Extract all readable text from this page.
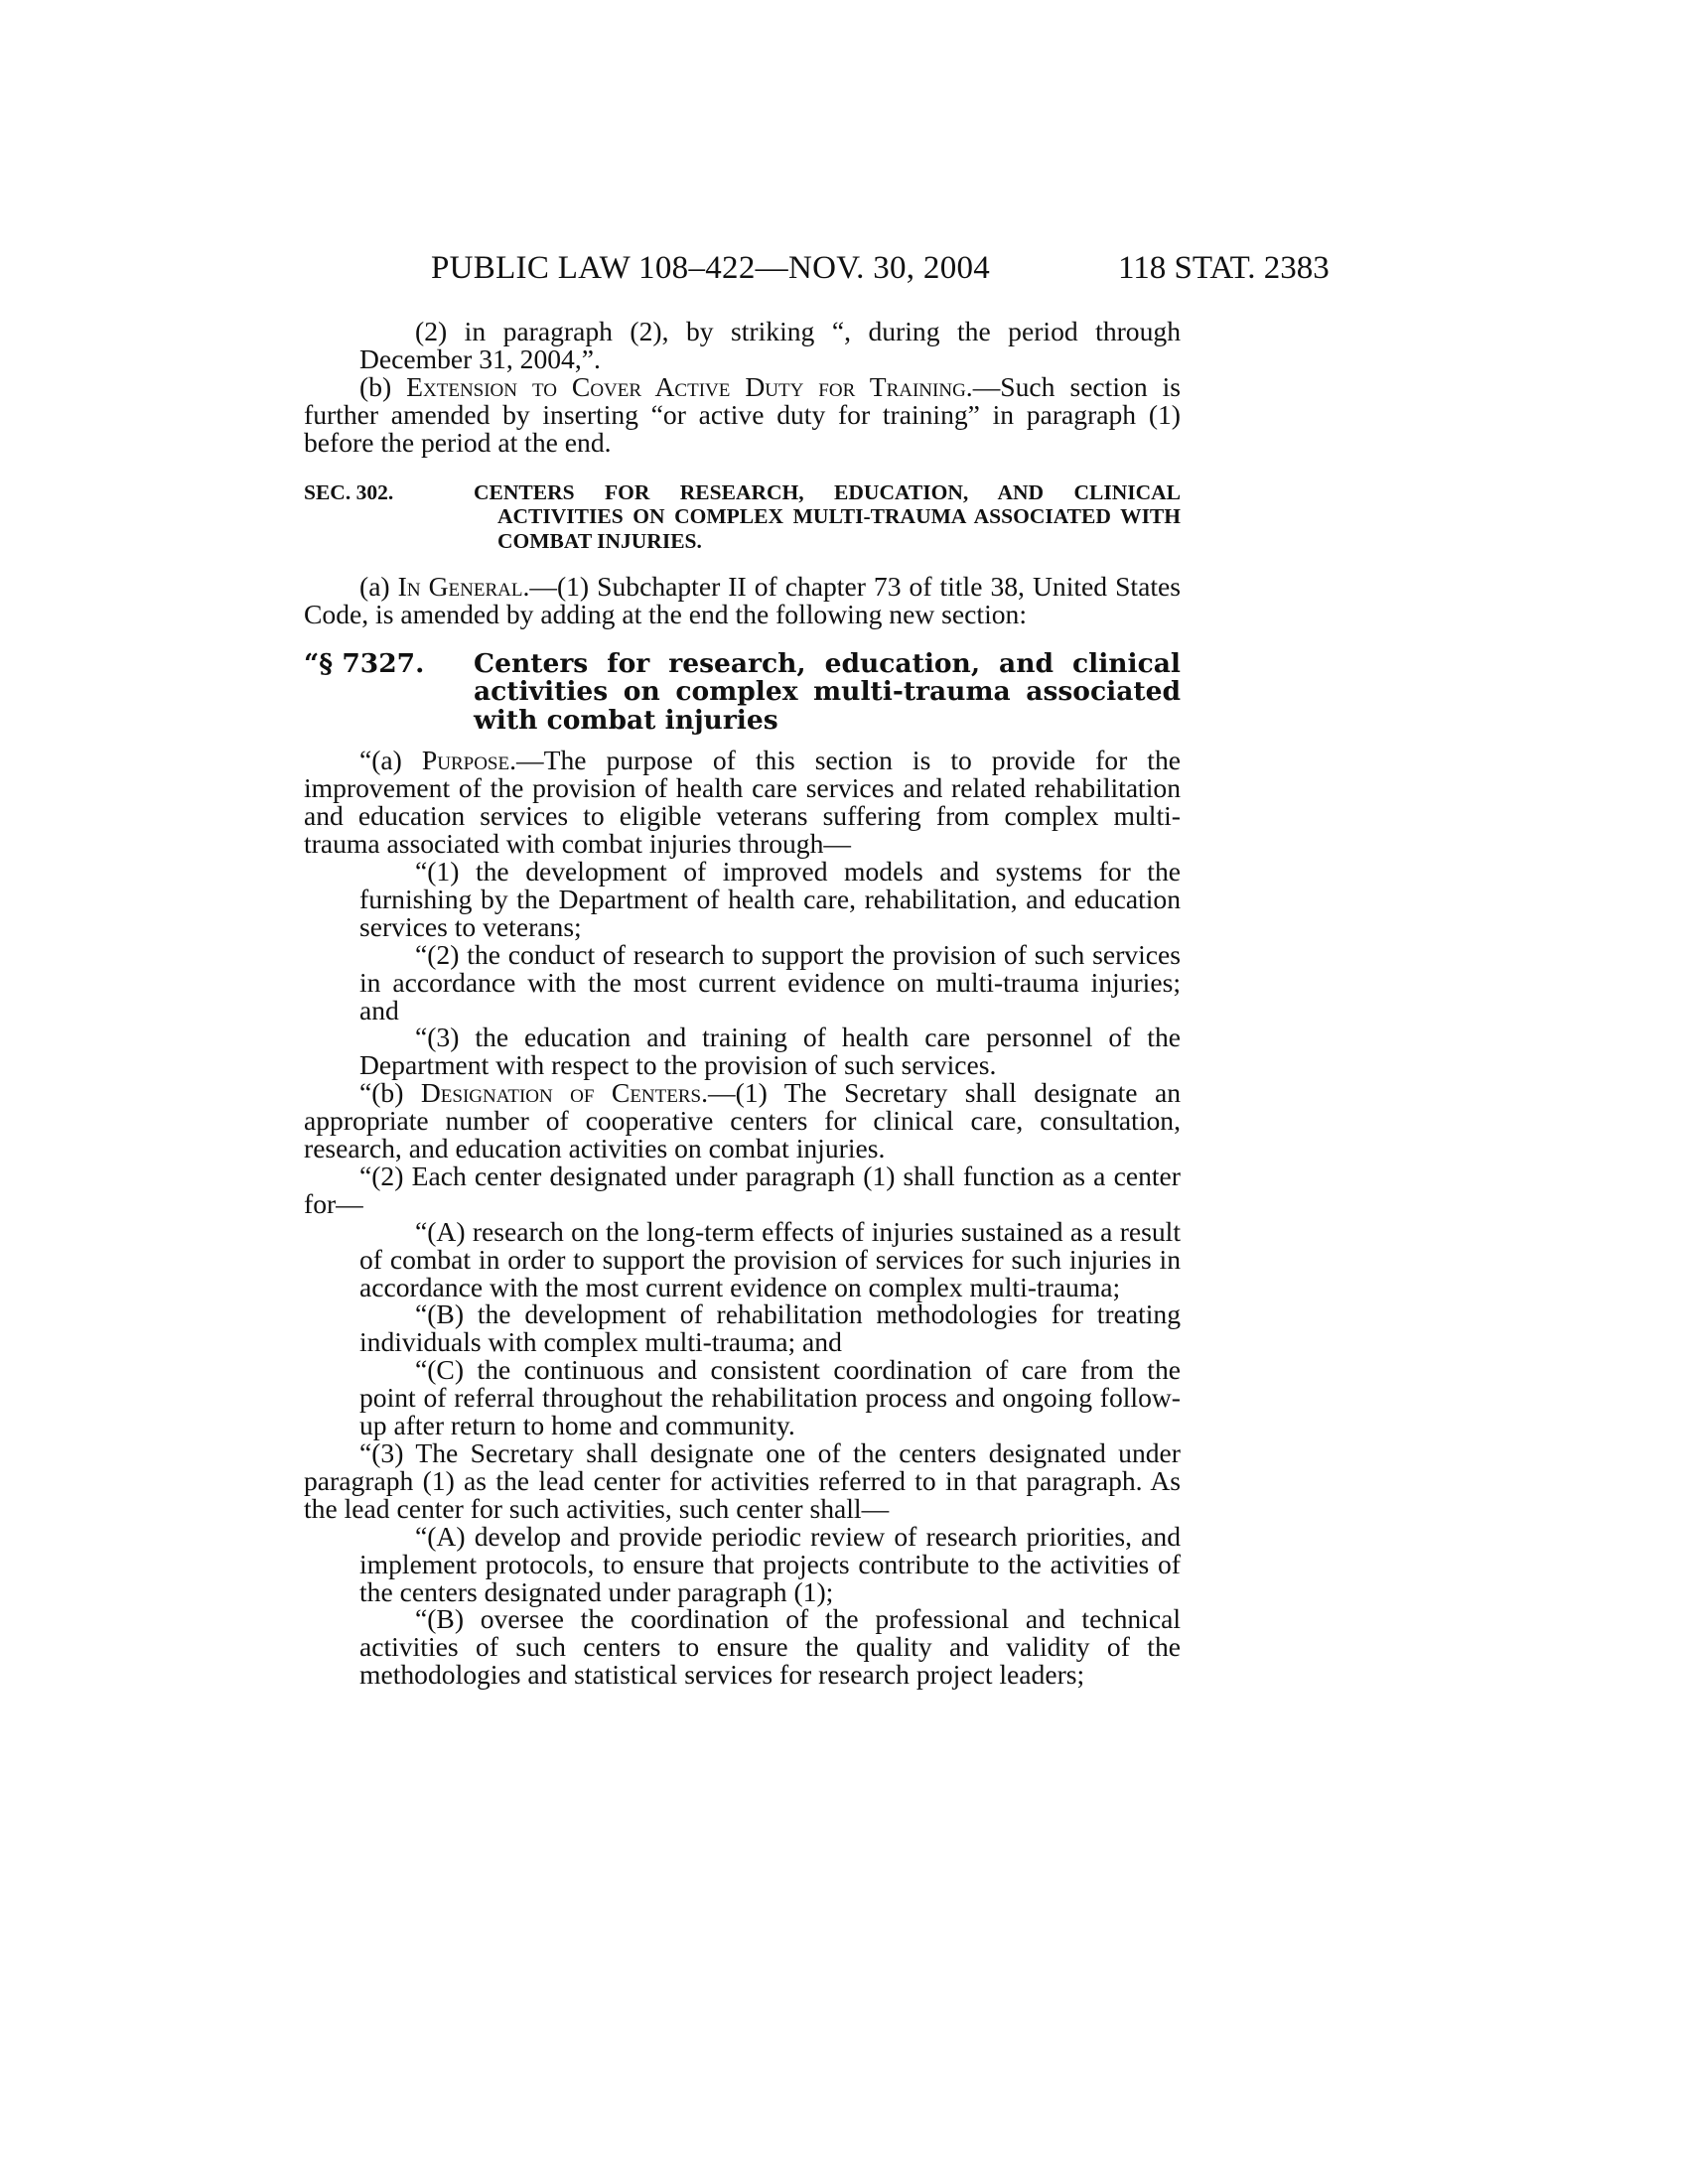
PUBLIC LAW 108–422—NOV. 30, 2004	118 STAT. 2383

(2) in paragraph (2), by striking “, during the period through December 31, 2004,”.

(b) Extension to Cover Active Duty for Training.—Such section is further amended by inserting “or active duty for training” in paragraph (1) before the period at the end.

SEC. 302.	CENTERS FOR RESEARCH, EDUCATION, AND CLINICAL ACTIVITIES ON COMPLEX MULTI-TRAUMA ASSOCIATED WITH COMBAT INJURIES.

(a) In General.—(1) Subchapter II of chapter 73 of title 38, United States Code, is amended by adding at the end the following new section:

“§ 7327. Centers for research, education, and clinical activities on complex multi-trauma associated with combat injuries

“(a) Purpose.—The purpose of this section is to provide for the improvement of the provision of health care services and related rehabilitation and education services to eligible veterans suffering from complex multi-trauma associated with combat injuries through—

“(1) the development of improved models and systems for the furnishing by the Department of health care, rehabilitation, and education services to veterans;

“(2) the conduct of research to support the provision of such services in accordance with the most current evidence on multi-trauma injuries; and

“(3) the education and training of health care personnel of the Department with respect to the provision of such services.

“(b) Designation of Centers.—(1) The Secretary shall designate an appropriate number of cooperative centers for clinical care, consultation, research, and education activities on combat injuries.

“(2) Each center designated under paragraph (1) shall function as a center for—

“(A) research on the long-term effects of injuries sustained as a result of combat in order to support the provision of services for such injuries in accordance with the most current evidence on complex multi-trauma;

“(B) the development of rehabilitation methodologies for treating individuals with complex multi-trauma; and

“(C) the continuous and consistent coordination of care from the point of referral throughout the rehabilitation process and ongoing follow-up after return to home and community.

“(3) The Secretary shall designate one of the centers designated under paragraph (1) as the lead center for activities referred to in that paragraph. As the lead center for such activities, such center shall—

“(A) develop and provide periodic review of research priorities, and implement protocols, to ensure that projects contribute to the activities of the centers designated under paragraph (1);

“(B) oversee the coordination of the professional and technical activities of such centers to ensure the quality and validity of the methodologies and statistical services for research project leaders;
